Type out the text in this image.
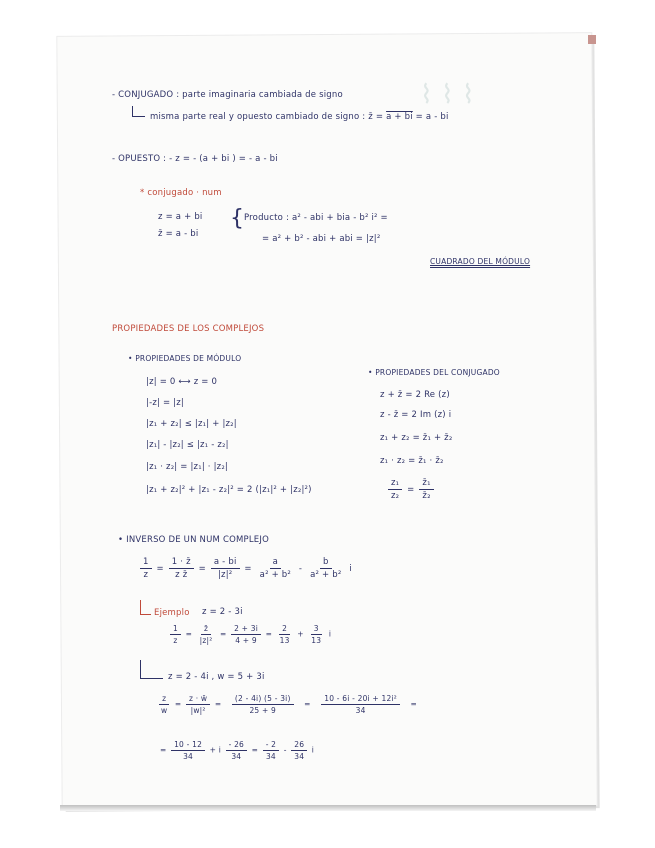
⌇ ⌇ ⌇
- CONJUGADO : parte imaginaria cambiada de signo
misma parte real y opuesto cambiado de signo : z̄ = a + bi = a - bi
- OPUESTO : - z = - (a + bi ) = - a - bi
* conjugado · num
z = a + bi
z̄ = a - bi
{ Producto : a² - abi + bia - b² i² =
= a² + b² - abi + abi = |z|²
CUADRADO DEL MÓDULO
PROPIEDADES DE LOS COMPLEJOS
• PROPIEDADES DE MÓDULO
|z| = 0 ⟷ z = 0
|-z| = |z|
|z₁ + z₂| ≤ |z₁| + |z₂|
|z₁| - |z₂| ≤ |z₁ - z₂|
|z₁ · z₂| = |z₁| · |z₂|
|z₁ + z₂|² + |z₁ - z₂|² = 2 (|z₁|² + |z₂|²)
• PROPIEDADES DEL CONJUGADO
z + z̄ = 2 Re (z)
z - z̄ = 2 Im (z) i
z₁ + z₂ = z̄₁ + z̄₂
z₁ · z₂ = z̄₁ · z̄₂
$\frac{\text{z₁}}{\text{z₂}} = \frac{\text{z̄₁}}{\text{z̄₂}}$
• INVERSO DE UN NUM COMPLEJO
$\frac{1}{z} = \frac{1 \cdot z̄}{\text{z z̄}} = \frac{a - bi}{\text{|z|²}} = \frac{a}{\text{a² + b²}} - \frac{b}{\text{a² + b²}}$ i
Ejemplo z = 2 - 3i
$\frac{1}{z} = \frac{z̄}{\text{|z|²}} = \frac{2 + 3i}{4 + 9} = \frac{2}{13} + \frac{3}{13}$ i
z = 2 - 4i , w = 5 + 3i
$\frac{z}{w} = \frac{z \cdot w̄}{\text{|w|²}} = \frac{(2 - 4i) (5 - 3i)}{25 + 9} = \frac{\text{10 - 6i - 20i + 12i²}}{34}$ =
= $\frac{10 - 12}{34} + i \frac{- 26}{34} = \frac{- 2}{34} - \frac{26}{34}$ i
